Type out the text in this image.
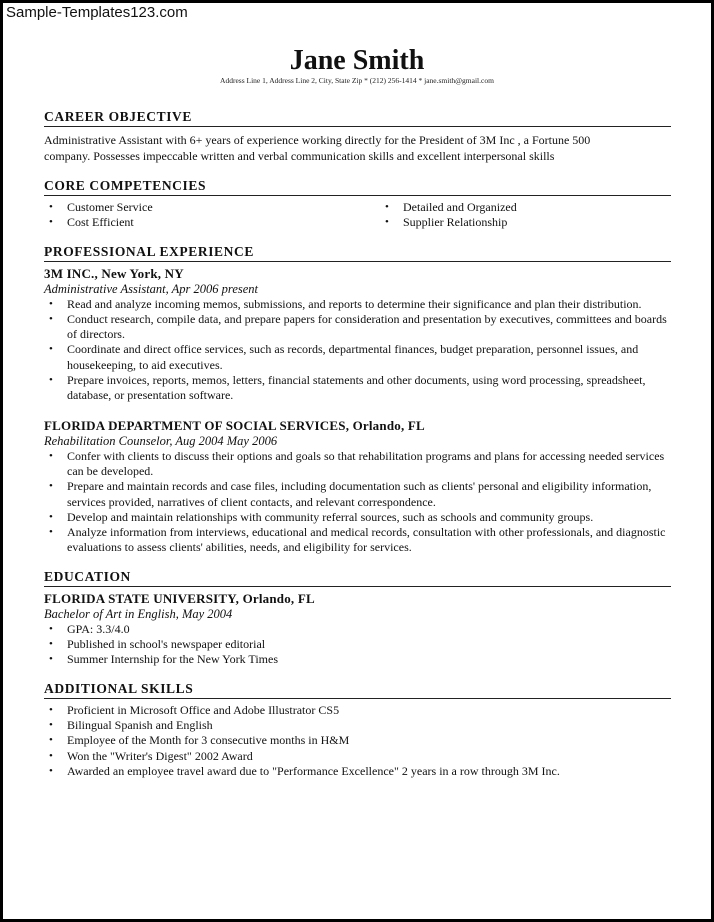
Sample-Templates123.com
Jane Smith
Address Line 1, Address Line 2, City, State Zip * (212) 256-1414 * jane.smith@gmail.com
CAREER OBJECTIVE
Administrative Assistant with 6+ years of experience working directly for the President of 3M Inc , a Fortune 500
company. Possesses impeccable written and verbal communication skills and excellent interpersonal skills
CORE COMPETENCIES
• Customer Service
• Cost Efficient
• Detailed and Organized
• Supplier Relationship
PROFESSIONAL EXPERIENCE
3M INC., New York, NY
Administrative Assistant, Apr 2006 present
• Read and analyze incoming memos, submissions, and reports to determine their significance and plan their distribution.
• Conduct research, compile data, and prepare papers for consideration and presentation by executives, committees and boards of directors.
• Coordinate and direct office services, such as records, departmental finances, budget preparation, personnel issues, and housekeeping, to aid executives.
• Prepare invoices, reports, memos, letters, financial statements and other documents, using word processing, spreadsheet, database, or presentation software.
FLORIDA DEPARTMENT OF SOCIAL SERVICES, Orlando, FL
Rehabilitation Counselor, Aug 2004 May 2006
• Confer with clients to discuss their options and goals so that rehabilitation programs and plans for accessing needed services can be developed.
• Prepare and maintain records and case files, including documentation such as clients' personal and eligibility information, services provided, narratives of client contacts, and relevant correspondence.
• Develop and maintain relationships with community referral sources, such as schools and community groups.
• Analyze information from interviews, educational and medical records, consultation with other professionals, and diagnostic evaluations to assess clients' abilities, needs, and eligibility for services.
EDUCATION
FLORIDA STATE UNIVERSITY, Orlando, FL
Bachelor of Art in English, May 2004
• GPA: 3.3/4.0
• Published in school's newspaper editorial
• Summer Internship for the New York Times
ADDITIONAL SKILLS
• Proficient in Microsoft Office and Adobe Illustrator CS5
• Bilingual Spanish and English
• Employee of the Month for 3 consecutive months in H&M
• Won the "Writer's Digest" 2002 Award
• Awarded an employee travel award due to "Performance Excellence" 2 years in a row through 3M Inc.
